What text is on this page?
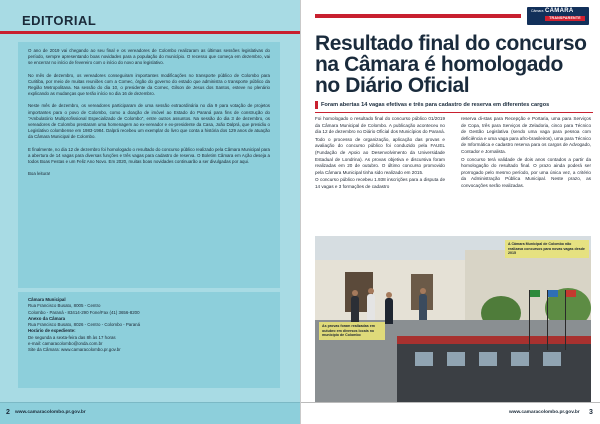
EDITORIAL

O ano de 2019 vai chegando ao seu final e os vereadores de Colombo realizaram as últimas sessões legislativas do período, sempre apresentando boas novidades para a população do município. O recesso que começa em dezembro, vai se encerrar no início de fevereiro com o início do novo ano legislativo.

No mês de dezembro, os vereadores conseguiram importantes modificações no transporte público de Colombo para Curitiba, por meio de muitas reuniões com a Comec, órgão do governo do estado que administra o transporte público da Região Metropolitana. Na sessão do dia 10, o presidente da Comec, Gilson de Jesus dos Santos, esteve no plenário explicando as mudanças que terão início no dia 16 de dezembro.

Neste mês de dezembro, os vereadores participaram de uma sessão extraordinária no dia 9 para votação de projetos importantes para o povo de Colombo, como a doação de imóvel ao Estado do Paraná para fins de construção do "Ambulatório Multiprofissional Especializado de Colombo", entre outros assuntos. Na sessão do dia 3 de dezembro, os vereadores de Colombo prestaram uma homenagem ao ex-vereador e ex-presidente da Casa, João Dalprá, que presidiu o Legislativo colombense em 1983-1984. Dalprá recebeu um exemplar do livro que conta a história dos 129 anos de atuação da Câmara Municipal de Colombo.

E finalmente, no dia 12 de dezembro foi homologado o resultado do concurso público realizado pela Câmara Municipal para a abertura de 14 vagas para diversas funções e três vagas para cadastro de reserva. O Boletim Câmara em Ação deseja a todos Boas Festas e um Feliz Ano Novo. Em 2020, muitas boas novidades continuarão a ser divulgadas por aqui.

Boa leitura!

Câmara Municipal
Rua Francisco Busato, 8005 - Centro
Colombo - Paraná - 83414-290 Fone/Fax (41) 3656-8200
Anexo da Câmara
Rua Francisco Busato, 8026 - Centro - Colombo - Paraná
Horário de expediente:
De segunda a sexta-feira das 8h às 17 horas
e-mail: camaracolombo@onda.com.br
Site da Câmara: www.camaracolombo.pr.gov.br
2 www.camaracolombo.pr.gov.br
Câmara CÂMARA
TRANSPARENTE
Resultado final do concurso na Câmara é homologado no Diário Oficial
Foram abertas 14 vagas efetivas e três para cadastro de reserva em diferentes cargos

Foi homologado o resultado final do concurso público 01/2019 da Câmara Municipal de Colombo. A publicação aconteceu no dia 12 de dezembro no Diário Oficial dos Municípios do Paraná.

Todo o processo de organização, aplicação das provas e avaliação do concurso público foi conduzido pela FAUEL (Fundação de Apoio ao Desenvolvimento da Universidade Estadual de Londrina). As provas objetiva e discursiva foram realizadas em 20 de outubro. O último concurso promovido pela Câmara Municipal tinha sido realizado em 2015.

O concurso público recebeu 1.938 inscrições para a disputa de 14 vagas e 3 formações de cadastro

reserva di-stas para Recepção e Portaria, uma para Serviços de Copa, três para Serviços de Zeladoria, cinco para Técnico de Gestão Legislativa (sendo uma vaga para pessoa com deficiência e uma vaga para afro-brasileiros), uma para Técnico de Informática e cadastro reserva para os cargos de Advogado, Contador e Jornalista.

O concurso terá validade de dois anos contados a partir da homologação do resultado final. O prazo ainda poderá ser prorrogado pelo mesmo período, por uma única vez, a critério da Administração Pública Municipal. Neste prazo, as convocações serão realizadas.

A Câmara Municipal de Colombo não realizava concursos para novas vagas desde 2015
As provas foram realizadas em outubro em diversos locais no município de Colombo
www.camaracolombo.pr.gov.br 3
